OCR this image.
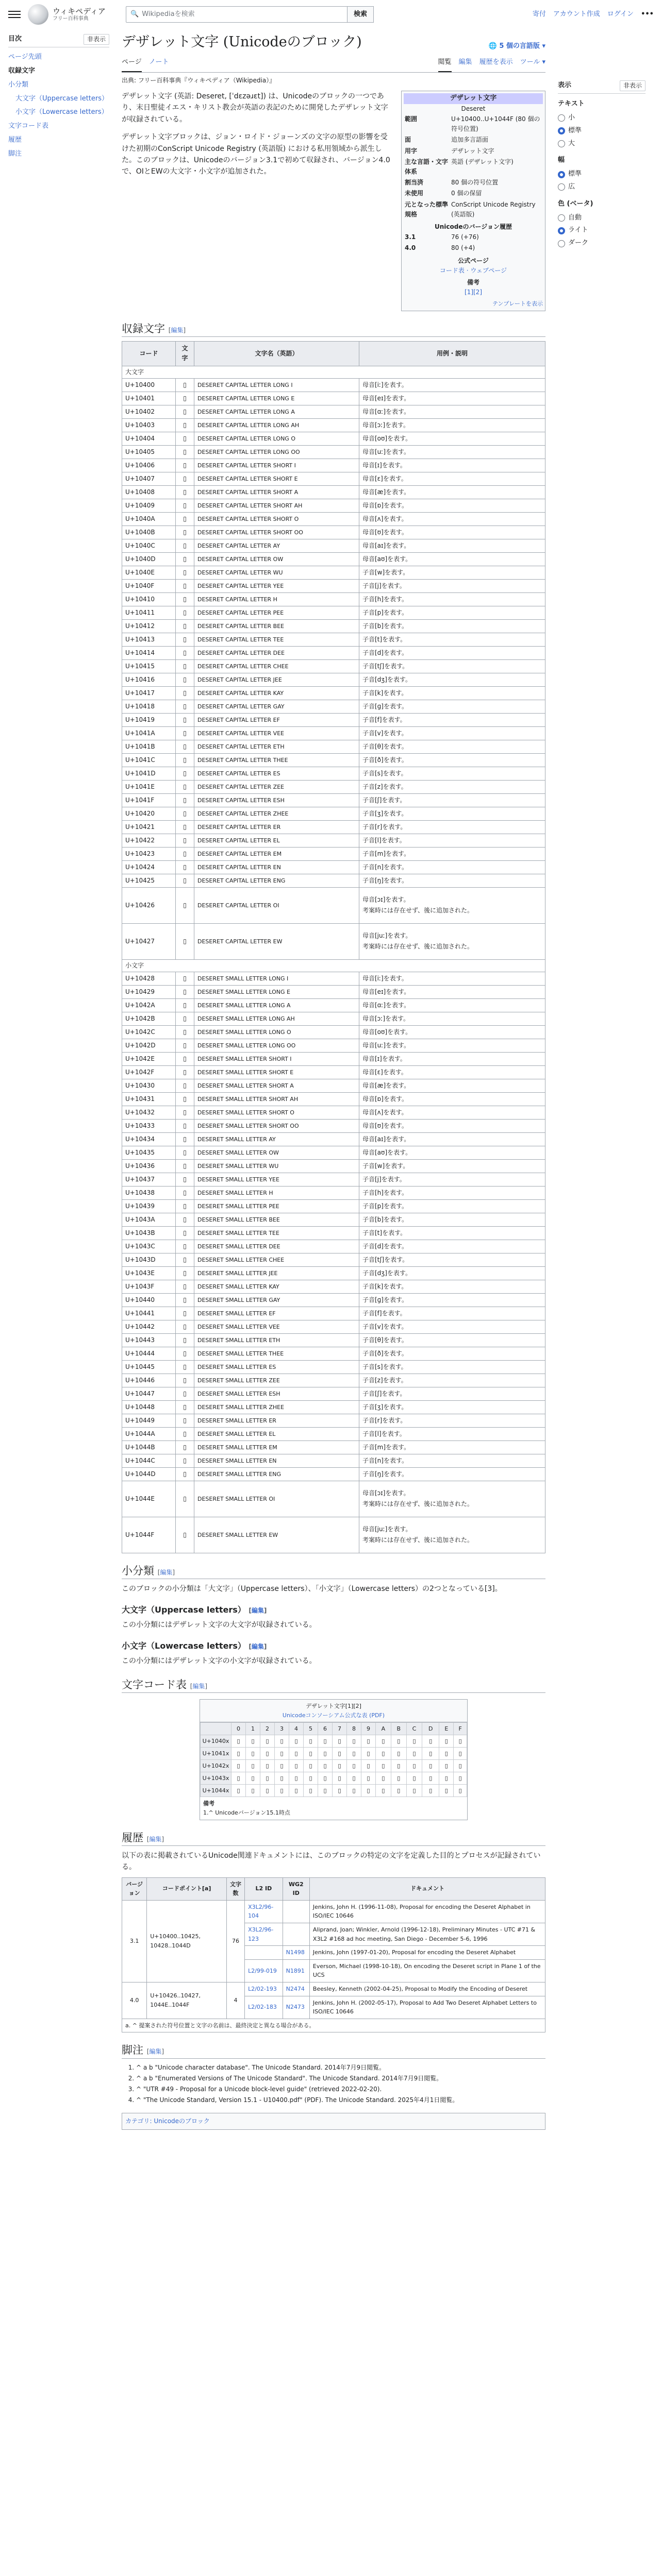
ウィキペディア
フリー百科事典
🔍 Wikipediaを検索	検索	寄付 アカウント作成 ログイン •••
目次	非表示
ページ先頭
収録文字
小分類
大文字（Uppercase letters）
小文字（Lowercase letters）
文字コード表
履歴
脚注
デザレット文字 (Unicodeのブロック)	🌐 5 個の言語版 ▾
ページ ノート	閲覧 編集 履歴を表示 ツール ▾
出典: フリー百科事典『ウィキペディア（Wikipedia）』

デザレット文字 (英語: Deseret, [ˈdɛzəɹɛt]) は、Unicodeのブロックの一つであり、末日聖徒イエス・キリスト教会が英語の表記のために開発したデザレット文字が収録されている。

デザレット文字ブロックは、ジョン・ロイド・ジョーンズの文字の原型の影響を受けた初期のConScript Unicode Registry (英語版) における私用領域から派生した。このブロックは、Unicodeのバージョン3.1で初めて収録され、バージョン4.0で、OIとEWの大文字・小文字が追加された。

デザレット文字
Deseret
範囲	U+10400..U+1044F (80 個の符号位置)
面	追加多言語面
用字	デザレット文字
主な言語・文字体系
英語 (デザレット文字)
割当済	80 個の符号位置
未使用	0 個の保留
元となった標準規格
ConScript Unicode Registry (英語版)
Unicodeのバージョン履歴
3.1	76 (+76)
4.0	80 (+4)
公式ページ
コード表 · ウェブページ
備考
[1][2]
テンプレートを表示
収録文字 [編集]
コード	文字	文字名（英語）	用例・説明
大文字			
U+10400	▯	DESERET CAPITAL LETTER LONG I	母音[iː]を表す。
U+10401	▯	DESERET CAPITAL LETTER LONG E	母音[eɪ]を表す。
U+10402	▯	DESERET CAPITAL LETTER LONG A	母音[ɑː]を表す。
U+10403	▯	DESERET CAPITAL LETTER LONG AH	母音[ɔː]を表す。
U+10404	▯	DESERET CAPITAL LETTER LONG O	母音[oʊ]を表す。
U+10405	▯	DESERET CAPITAL LETTER LONG OO	母音[uː]を表す。
U+10406	▯	DESERET CAPITAL LETTER SHORT I	母音[ɪ]を表す。
U+10407	▯	DESERET CAPITAL LETTER SHORT E	母音[ɛ]を表す。
U+10408	▯	DESERET CAPITAL LETTER SHORT A	母音[æ]を表す。
U+10409	▯	DESERET CAPITAL LETTER SHORT AH	母音[ɒ]を表す。
U+1040A	▯	DESERET CAPITAL LETTER SHORT O	母音[ʌ]を表す。
U+1040B	▯	DESERET CAPITAL LETTER SHORT OO	母音[ʊ]を表す。
U+1040C	▯	DESERET CAPITAL LETTER AY	母音[aɪ]を表す。
U+1040D	▯	DESERET CAPITAL LETTER OW	母音[aʊ]を表す。
U+1040E	▯	DESERET CAPITAL LETTER WU	子音[w]を表す。
U+1040F	▯	DESERET CAPITAL LETTER YEE	子音[j]を表す。
U+10410	▯	DESERET CAPITAL LETTER H	子音[h]を表す。
U+10411	▯	DESERET CAPITAL LETTER PEE	子音[p]を表す。
U+10412	▯	DESERET CAPITAL LETTER BEE	子音[b]を表す。
U+10413	▯	DESERET CAPITAL LETTER TEE	子音[t]を表す。
U+10414	▯	DESERET CAPITAL LETTER DEE	子音[d]を表す。
U+10415	▯	DESERET CAPITAL LETTER CHEE	子音[tʃ]を表す。
U+10416	▯	DESERET CAPITAL LETTER JEE	子音[dʒ]を表す。
U+10417	▯	DESERET CAPITAL LETTER KAY	子音[k]を表す。
U+10418	▯	DESERET CAPITAL LETTER GAY	子音[ɡ]を表す。
U+10419	▯	DESERET CAPITAL LETTER EF	子音[f]を表す。
U+1041A	▯	DESERET CAPITAL LETTER VEE	子音[v]を表す。
U+1041B	▯	DESERET CAPITAL LETTER ETH	子音[θ]を表す。
U+1041C	▯	DESERET CAPITAL LETTER THEE	子音[ð]を表す。
U+1041D	▯	DESERET CAPITAL LETTER ES	子音[s]を表す。
U+1041E	▯	DESERET CAPITAL LETTER ZEE	子音[z]を表す。
U+1041F	▯	DESERET CAPITAL LETTER ESH	子音[ʃ]を表す。
U+10420	▯	DESERET CAPITAL LETTER ZHEE	子音[ʒ]を表す。
U+10421	▯	DESERET CAPITAL LETTER ER	子音[r]を表す。
U+10422	▯	DESERET CAPITAL LETTER EL	子音[l]を表す。
U+10423	▯	DESERET CAPITAL LETTER EM	子音[m]を表す。
U+10424	▯	DESERET CAPITAL LETTER EN	子音[n]を表す。
U+10425	▯	DESERET CAPITAL LETTER ENG	子音[ŋ]を表す。
U+10426	▯	DESERET CAPITAL LETTER OI	母音[ɔɪ]を表す。
考案時には存在せず、後に追加された。

U+10427	▯	DESERET CAPITAL LETTER EW	母音[juː]を表す。
考案時には存在せず、後に追加された。

小文字			
U+10428	▯	DESERET SMALL LETTER LONG I	母音[iː]を表す。
U+10429	▯	DESERET SMALL LETTER LONG E	母音[eɪ]を表す。
U+1042A	▯	DESERET SMALL LETTER LONG A	母音[ɑː]を表す。
U+1042B	▯	DESERET SMALL LETTER LONG AH	母音[ɔː]を表す。
U+1042C	▯	DESERET SMALL LETTER LONG O	母音[oʊ]を表す。
U+1042D	▯	DESERET SMALL LETTER LONG OO	母音[uː]を表す。
U+1042E	▯	DESERET SMALL LETTER SHORT I	母音[ɪ]を表す。
U+1042F	▯	DESERET SMALL LETTER SHORT E	母音[ɛ]を表す。
U+10430	▯	DESERET SMALL LETTER SHORT A	母音[æ]を表す。
U+10431	▯	DESERET SMALL LETTER SHORT AH	母音[ɒ]を表す。
U+10432	▯	DESERET SMALL LETTER SHORT O	母音[ʌ]を表す。
U+10433	▯	DESERET SMALL LETTER SHORT OO	母音[ʊ]を表す。
U+10434	▯	DESERET SMALL LETTER AY	母音[aɪ]を表す。
U+10435	▯	DESERET SMALL LETTER OW	母音[aʊ]を表す。
U+10436	▯	DESERET SMALL LETTER WU	子音[w]を表す。
U+10437	▯	DESERET SMALL LETTER YEE	子音[j]を表す。
U+10438	▯	DESERET SMALL LETTER H	子音[h]を表す。
U+10439	▯	DESERET SMALL LETTER PEE	子音[p]を表す。
U+1043A	▯	DESERET SMALL LETTER BEE	子音[b]を表す。
U+1043B	▯	DESERET SMALL LETTER TEE	子音[t]を表す。
U+1043C	▯	DESERET SMALL LETTER DEE	子音[d]を表す。
U+1043D	▯	DESERET SMALL LETTER CHEE	子音[tʃ]を表す。
U+1043E	▯	DESERET SMALL LETTER JEE	子音[dʒ]を表す。
U+1043F	▯	DESERET SMALL LETTER KAY	子音[k]を表す。
U+10440	▯	DESERET SMALL LETTER GAY	子音[ɡ]を表す。
U+10441	▯	DESERET SMALL LETTER EF	子音[f]を表す。
U+10442	▯	DESERET SMALL LETTER VEE	子音[v]を表す。
U+10443	▯	DESERET SMALL LETTER ETH	子音[θ]を表す。
U+10444	▯	DESERET SMALL LETTER THEE	子音[ð]を表す。
U+10445	▯	DESERET SMALL LETTER ES	子音[s]を表す。
U+10446	▯	DESERET SMALL LETTER ZEE	子音[z]を表す。
U+10447	▯	DESERET SMALL LETTER ESH	子音[ʃ]を表す。
U+10448	▯	DESERET SMALL LETTER ZHEE	子音[ʒ]を表す。
U+10449	▯	DESERET SMALL LETTER ER	子音[r]を表す。
U+1044A	▯	DESERET SMALL LETTER EL	子音[l]を表す。
U+1044B	▯	DESERET SMALL LETTER EM	子音[m]を表す。
U+1044C	▯	DESERET SMALL LETTER EN	子音[n]を表す。
U+1044D	▯	DESERET SMALL LETTER ENG	子音[ŋ]を表す。
U+1044E	▯	DESERET SMALL LETTER OI	母音[ɔɪ]を表す。
考案時には存在せず、後に追加された。

U+1044F	▯	DESERET SMALL LETTER EW	母音[juː]を表す。
考案時には存在せず、後に追加された。
小分類 [編集]

このブロックの小分類は「大文字」（Uppercase letters）、「小文字」（Lowercase letters）の2つとなっている[3]。

大文字（Uppercase letters） [編集]

この小分類にはデザレット文字の大文字が収録されている。

小文字（Lowercase letters） [編集]

この小分類にはデザレット文字の小文字が収録されている。

文字コード表 [編集]
デザレット文字[1][2]
Unicodeコンソーシアム公式な表 (PDF)
	0	1	2	3	4	5	6	7	8	9	A	B	C	D	E	F
U+1040x	▯	▯	▯	▯	▯	▯	▯	▯	▯	▯	▯	▯	▯	▯	▯	▯
U+1041x	▯	▯	▯	▯	▯	▯	▯	▯	▯	▯	▯	▯	▯	▯	▯	▯
U+1042x	▯	▯	▯	▯	▯	▯	▯	▯	▯	▯	▯	▯	▯	▯	▯	▯
U+1043x	▯	▯	▯	▯	▯	▯	▯	▯	▯	▯	▯	▯	▯	▯	▯	▯
U+1044x	▯	▯	▯	▯	▯	▯	▯	▯	▯	▯	▯	▯	▯	▯	▯	▯
備考
1.^ Unicodeバージョン15.1時点
履歴 [編集]

以下の表に掲載されているUnicode関連ドキュメントには、このブロックの特定の文字を定義した目的とプロセスが記録されている。

バージョン	コードポイント[a]	文字数	L2 ID	WG2 ID	ドキュメント
3.1	U+10400..10425, 10428..1044D	76	X3L2/96-104		Jenkins, John H. (1996-11-08), Proposal for encoding the Deseret Alphabet in ISO/IEC 10646
			X3L2/96-123		Aliprand, Joan; Winkler, Arnold (1996-12-18), Preliminary Minutes - UTC #71 & X3L2 #168 ad hoc meeting, San Diego - December 5-6, 1996
				N1498	Jenkins, John (1997-01-20), Proposal for encoding the Deseret Alphabet
			L2/99-019	N1891	Everson, Michael (1998-10-18), On encoding the Deseret script in Plane 1 of the UCS
4.0	U+10426..10427, 1044E..1044F	4	L2/02-193	N2474	Beesley, Kenneth (2002-04-25), Proposal to Modify the Encoding of Deseret
			L2/02-183	N2473	Jenkins, John H. (2002-05-17), Proposal to Add Two Deseret Alphabet Letters to ISO/IEC 10646
a. ^ 提案された符号位置と文字の名前は、最終決定と異なる場合がある。					
脚注 [編集]
1. ^ a b "Unicode character database". The Unicode Standard. 2014年7月9日閲覧。
2. ^ a b "Enumerated Versions of The Unicode Standard". The Unicode Standard. 2014年7月9日閲覧。
3. ^ "UTR #49 - Proposal for a Unicode block-level guide" (retrieved 2022-02-20).
4. ^ "The Unicode Standard, Version 15.1 - U10400.pdf" (PDF). The Unicode Standard. 2025年4月1日閲覧。
カテゴリ: Unicodeのブロック
表示	非表示
テキスト
小
標準
大
幅
標準
広
色 (ベータ)
自動
ライト
ダーク
